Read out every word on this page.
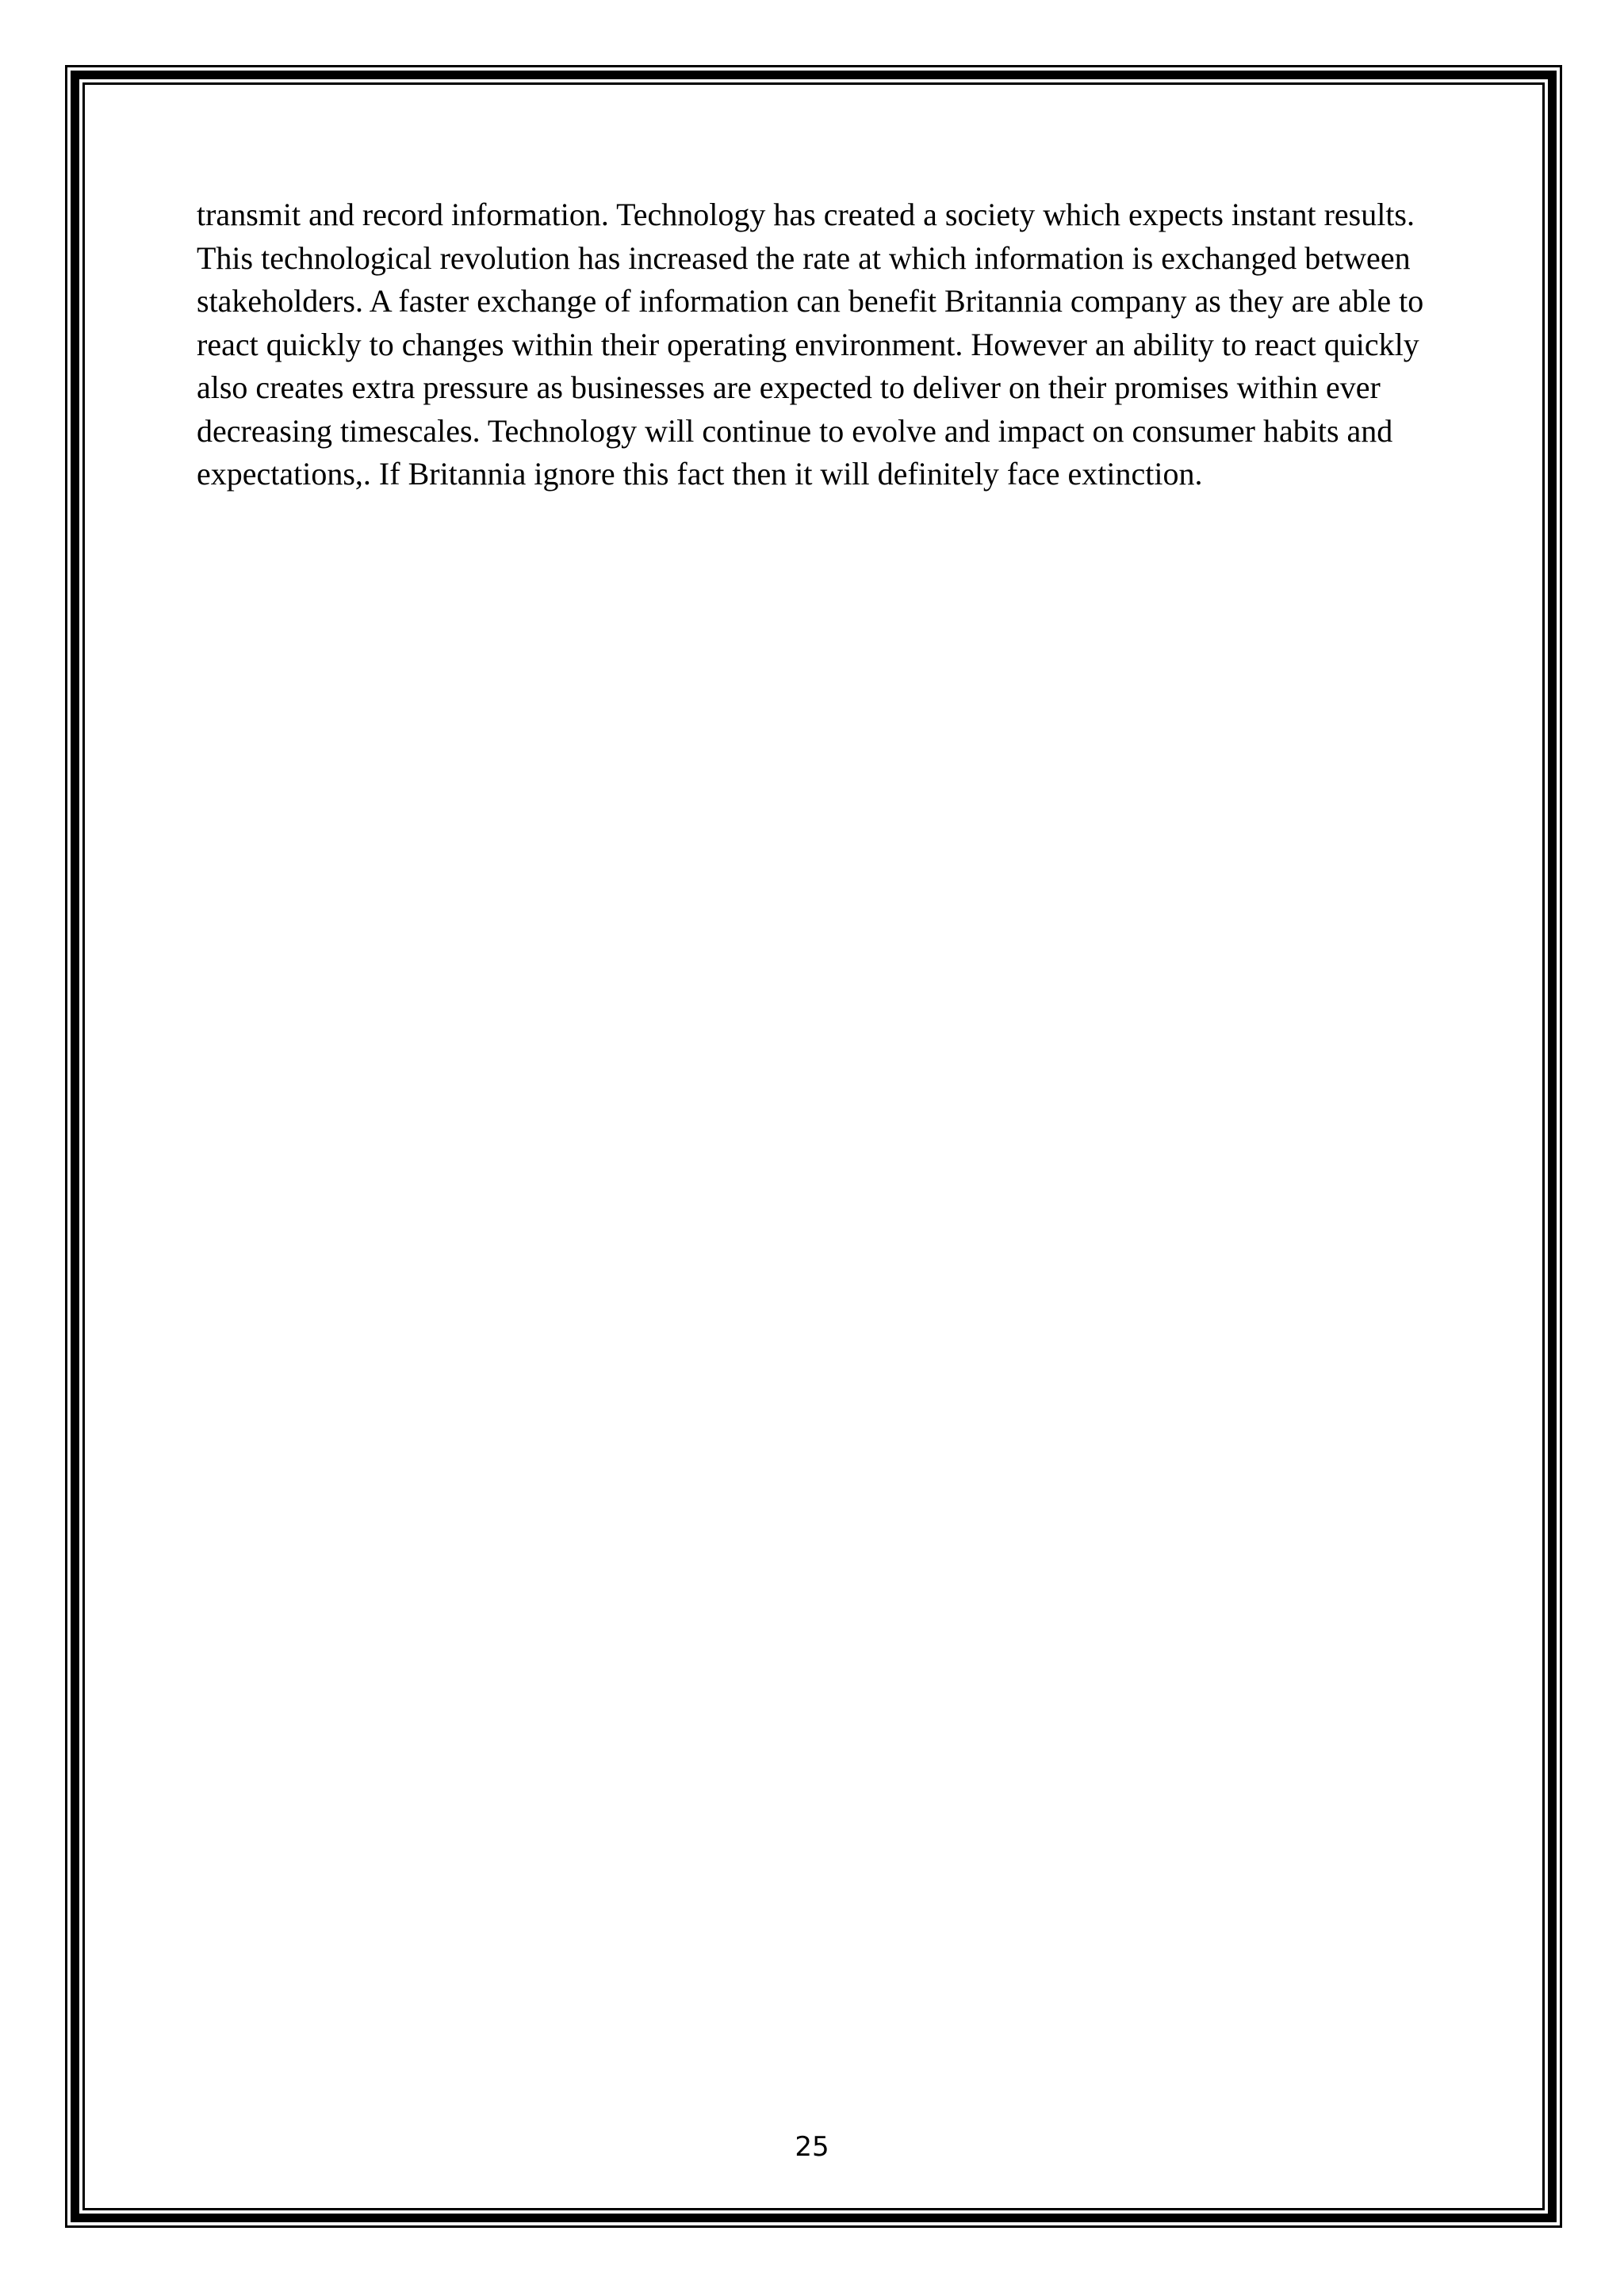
transmit and record information. Technology has created a society which expects instant results. This technological revolution has increased the rate at which information is exchanged between stakeholders. A faster exchange of information can benefit Britannia company as they are able to react quickly to changes within their operating environment. However an ability to react quickly also creates extra pressure as businesses are expected to deliver on their promises within ever decreasing timescales. Technology will continue to evolve and impact on consumer habits and expectations,. If Britannia ignore this fact then it will definitely face extinction.

25
